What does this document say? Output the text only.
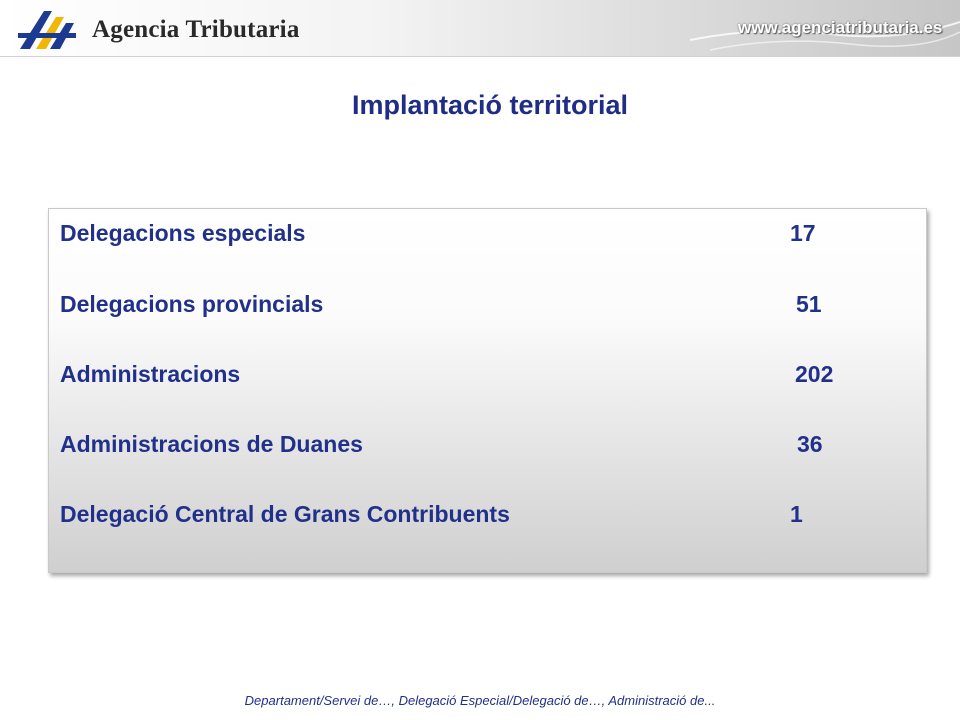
Agencia Tributaria	www.agenciatributaria.es
Implantació territorial
Delegacions especials	17
Delegacions provincials	51
Administracions	202
Administracions de Duanes	36
Delegació Central de Grans Contribuents	1
Departament/Servei de…, Delegació Especial/Delegació de…, Administració de...
